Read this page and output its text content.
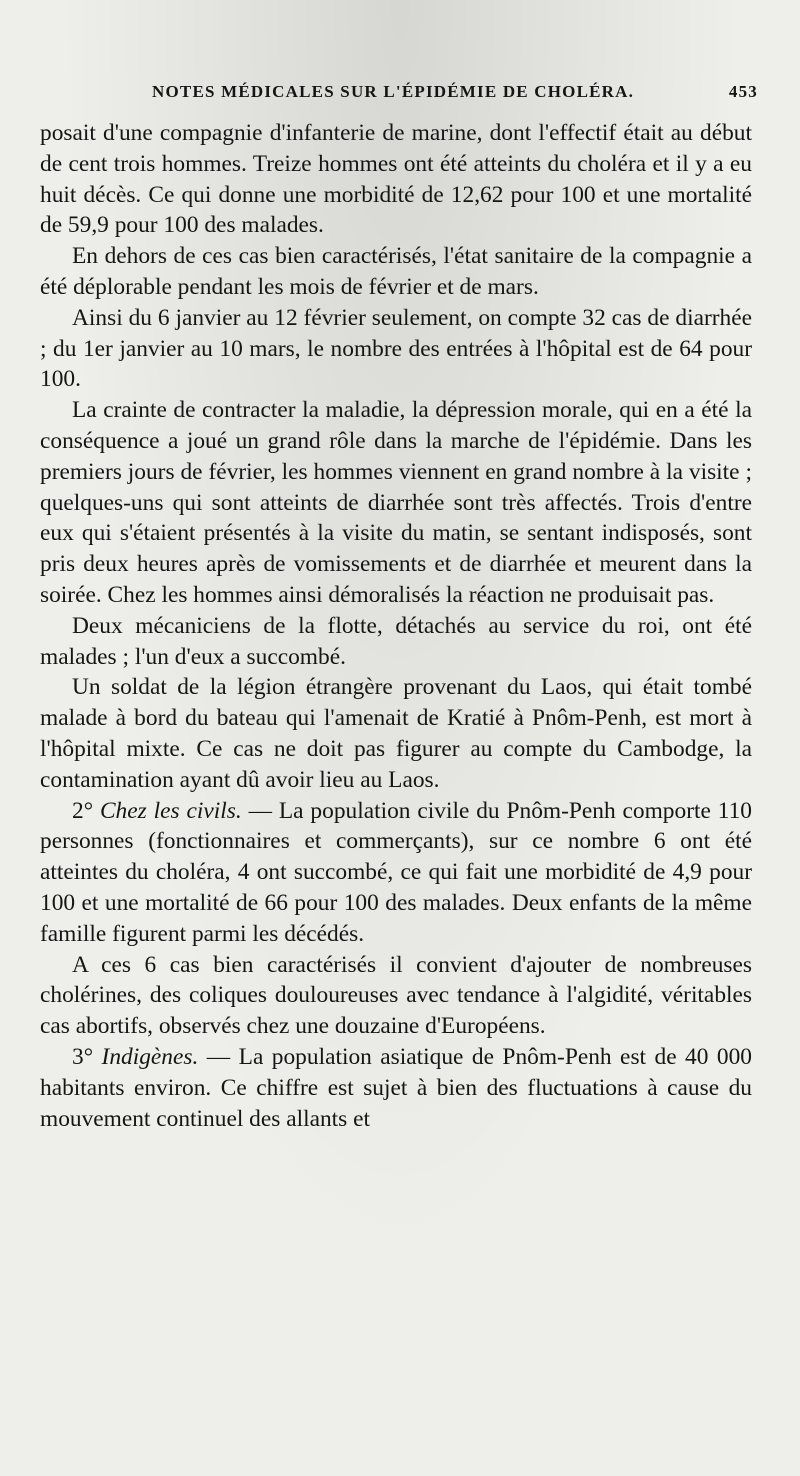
NOTES MÉDICALES SUR L'ÉPIDÉMIE DE CHOLÉRA.	453

posait d'une compagnie d'infanterie de marine, dont l'effectif était au début de cent trois hommes. Treize hommes ont été atteints du choléra et il y a eu huit décès. Ce qui donne une morbidité de 12,62 pour 100 et une mortalité de 59,9 pour 100 des malades.

En dehors de ces cas bien caractérisés, l'état sanitaire de la compagnie a été déplorable pendant les mois de février et de mars.

Ainsi du 6 janvier au 12 février seulement, on compte 32 cas de diarrhée ; du 1er janvier au 10 mars, le nombre des entrées à l'hôpital est de 64 pour 100.

La crainte de contracter la maladie, la dépression morale, qui en a été la conséquence a joué un grand rôle dans la marche de l'épidémie. Dans les premiers jours de février, les hommes viennent en grand nombre à la visite ; quelques-uns qui sont atteints de diarrhée sont très affectés. Trois d'entre eux qui s'étaient présentés à la visite du matin, se sentant indisposés, sont pris deux heures après de vomissements et de diarrhée et meurent dans la soirée. Chez les hommes ainsi démoralisés la réaction ne produisait pas.

Deux mécaniciens de la flotte, détachés au service du roi, ont été malades ; l'un d'eux a succombé.

Un soldat de la légion étrangère provenant du Laos, qui était tombé malade à bord du bateau qui l'amenait de Kratié à Pnôm-Penh, est mort à l'hôpital mixte. Ce cas ne doit pas figurer au compte du Cambodge, la contamination ayant dû avoir lieu au Laos.

2° Chez les civils. — La population civile du Pnôm-Penh comporte 110 personnes (fonctionnaires et commerçants), sur ce nombre 6 ont été atteintes du choléra, 4 ont succombé, ce qui fait une morbidité de 4,9 pour 100 et une mortalité de 66 pour 100 des malades. Deux enfants de la même famille figurent parmi les décédés.

A ces 6 cas bien caractérisés il convient d'ajouter de nombreuses cholérines, des coliques douloureuses avec tendance à l'algidité, véritables cas abortifs, observés chez une douzaine d'Européens.

3° Indigènes. — La population asiatique de Pnôm-Penh est de 40 000 habitants environ. Ce chiffre est sujet à bien des fluctuations à cause du mouvement continuel des allants et
